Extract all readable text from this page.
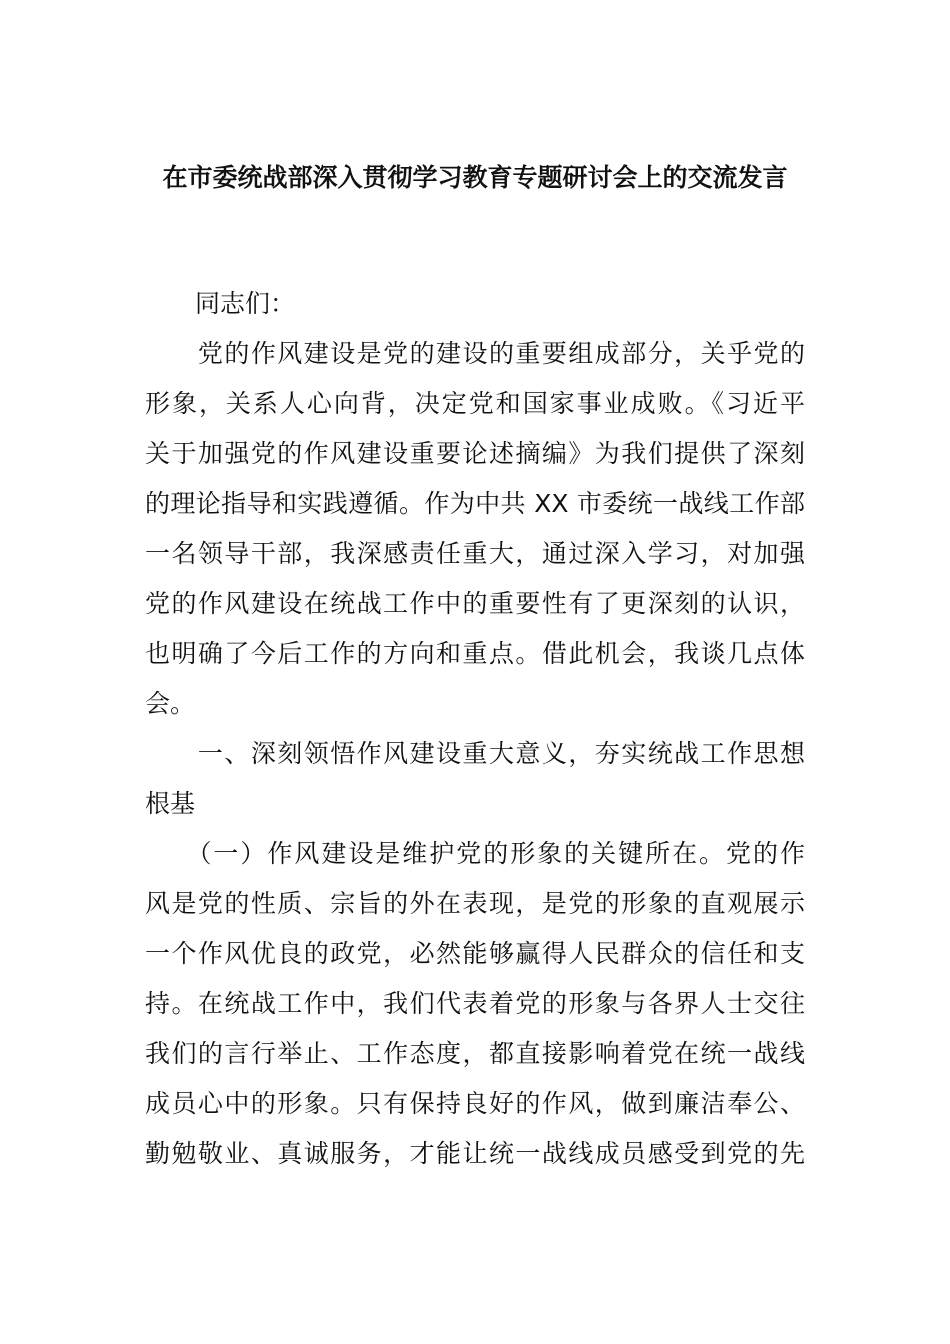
在市委统战部深入贯彻学习教育专题研讨会上的交流发言
　　同志们：
　　党的作风建设是党的建设的重要组成部分，关乎党的
形象，关系人心向背，决定党和国家事业成败。《习近平
关于加强党的作风建设重要论述摘编》为我们提供了深刻
的理论指导和实践遵循。作为中共 XX 市委统一战线工作部
一名领导干部，我深感责任重大，通过深入学习，对加强
党的作风建设在统战工作中的重要性有了更深刻的认识，
也明确了今后工作的方向和重点。借此机会，我谈几点体
会。
　　一、深刻领悟作风建设重大意义，夯实统战工作思想
根基
　　（一）作风建设是维护党的形象的关键所在。党的作
风是党的性质、宗旨的外在表现，是党的形象的直观展示
一个作风优良的政党，必然能够赢得人民群众的信任和支
持。在统战工作中，我们代表着党的形象与各界人士交往
我们的言行举止、工作态度，都直接影响着党在统一战线
成员心中的形象。只有保持良好的作风，做到廉洁奉公、
勤勉敬业、真诚服务，才能让统一战线成员感受到党的先
